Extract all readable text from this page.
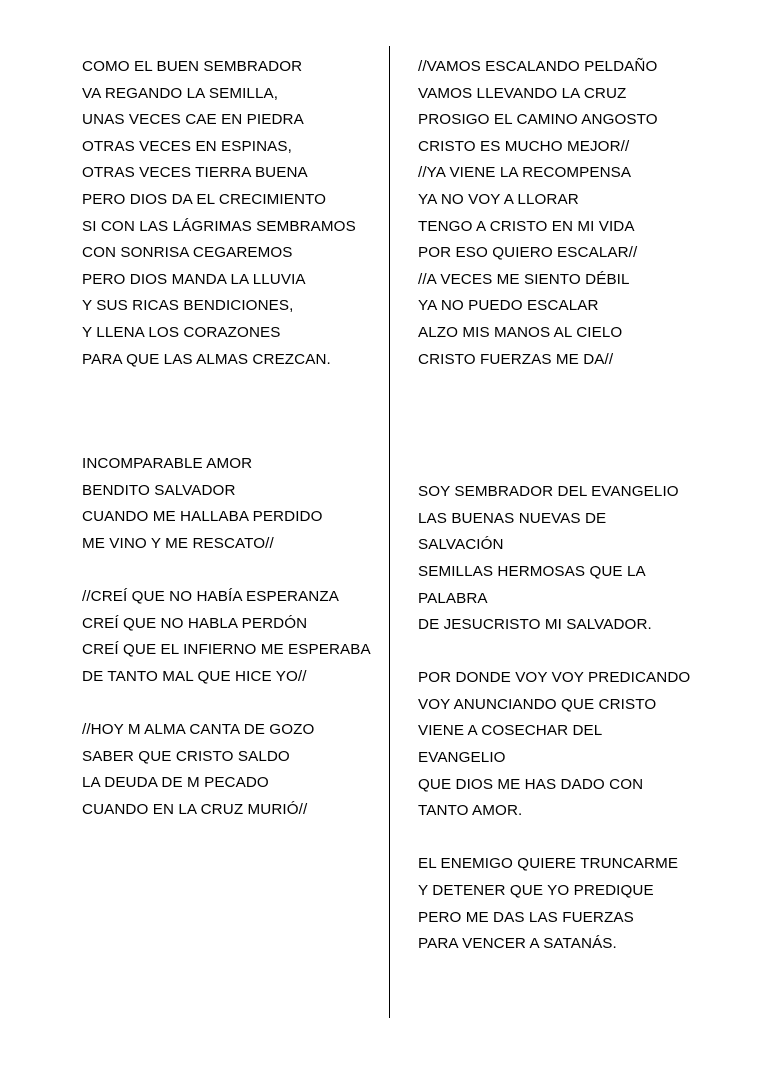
COMO EL BUEN SEMBRADOR
VA REGANDO LA SEMILLA,
UNAS VECES CAE EN PIEDRA
OTRAS VECES EN ESPINAS,
OTRAS VECES TIERRA BUENA
PERO DIOS DA EL CRECIMIENTO
SI CON LAS LÁGRIMAS SEMBRAMOS
CON SONRISA CEGAREMOS
PERO DIOS MANDA LA LLUVIA
Y SUS RICAS BENDICIONES,
Y LLENA LOS CORAZONES
PARA QUE LAS ALMAS CREZCAN.
INCOMPARABLE AMOR
BENDITO SALVADOR
CUANDO ME HALLABA PERDIDO
ME VINO Y ME RESCATO//
//CREÍ QUE NO HABÍA ESPERANZA
CREÍ QUE NO HABLA PERDÓN
CREÍ QUE EL INFIERNO ME ESPERABA
DE TANTO MAL QUE HICE YO//
//HOY M ALMA CANTA DE GOZO
SABER QUE CRISTO SALDO
LA DEUDA DE M PECADO
CUANDO EN LA CRUZ MURIÓ//
//VAMOS ESCALANDO PELDAÑO
VAMOS LLEVANDO LA CRUZ
PROSIGO EL CAMINO ANGOSTO
CRISTO ES MUCHO MEJOR//
//YA VIENE LA RECOMPENSA
YA NO VOY A LLORAR
TENGO A CRISTO EN MI VIDA
POR ESO QUIERO ESCALAR//
//A VECES ME SIENTO DÉBIL
YA NO PUEDO ESCALAR
ALZO MIS MANOS AL CIELO
CRISTO FUERZAS ME DA//
SOY SEMBRADOR DEL EVANGELIO
LAS BUENAS NUEVAS DE
SALVACIÓN
SEMILLAS HERMOSAS QUE LA
PALABRA
DE JESUCRISTO MI SALVADOR.
POR DONDE VOY VOY PREDICANDO
VOY ANUNCIANDO QUE CRISTO
VIENE A COSECHAR DEL
EVANGELIO
QUE DIOS ME HAS DADO CON
TANTO AMOR.
EL ENEMIGO QUIERE TRUNCARME
Y DETENER QUE YO PREDIQUE
PERO ME DAS LAS FUERZAS
PARA VENCER A SATANÁS.
